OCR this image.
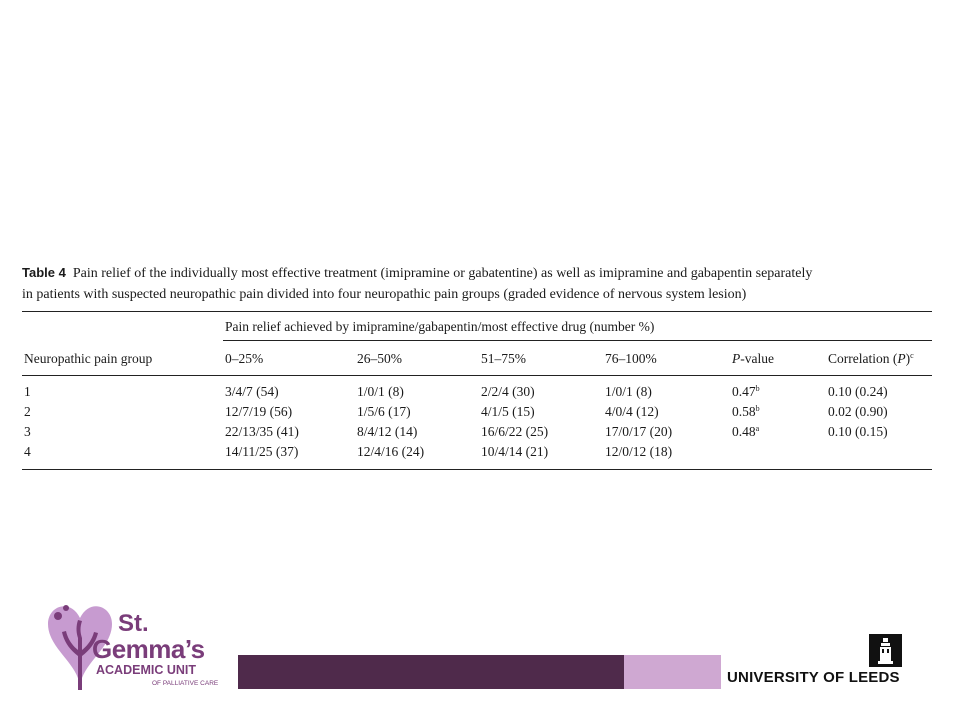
Table 4 Pain relief of the individually most effective treatment (imipramine or gabatentine) as well as imipramine and gabapentin separately
in patients with suspected neuropathic pain divided into four neuropathic pain groups (graded evidence of nervous system lesion)

Pain relief achieved by imipramine/gabapentin/most effective drug (number %)
Neuropathic pain group	0–25%	26–50%	51–75%	76–100%	P-value	Correlation $(P)^c$
1	3/4/7 (54)	1/0/1 (8)	2/2/4 (30)	1/0/1 (8)	0.47$^b$	0.10 (0.24)
2	12/7/19 (56)	1/5/6 (17)	4/1/5 (15)	4/0/4 (12)	0.58$^b$	0.02 (0.90)
3	22/13/35 (41)	8/4/12 (14)	16/6/22 (25)	17/0/17 (20)	0.48$^a$	0.10 (0.15)
4	14/11/25 (37)	12/4/16 (24)	10/4/14 (21)	12/0/12 (18)
St.
Gemma’s
ACADEMIC UNIT
OF PALLIATIVE CARE	UNIVERSITY OF LEEDS
